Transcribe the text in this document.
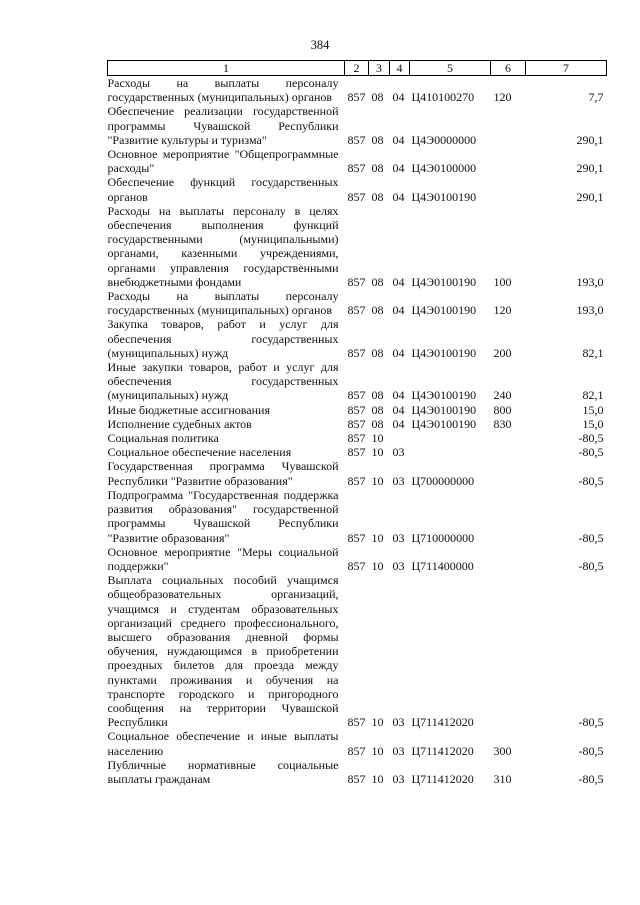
384
1	2	3	4	5	6	7
Расходы на выплаты персоналу государственных (муниципальных) органов	857	08	04	Ц410100270	120	7,7
Обеспечение реализации государственной программы Чувашской Республики "Развитие культуры и туризма"	857	08	04	Ц4Э0000000		290,1
Основное мероприятие "Общепрограммные расходы"	857	08	04	Ц4Э0100000		290,1
Обеспечение функций государственных органов	857	08	04	Ц4Э0100190		290,1
Расходы на выплаты персоналу в целях обеспечения выполнения функций государственными (муниципальными) органами, казенными учреждениями, органами управления государственными внебюджетными фондами	857	08	04	Ц4Э0100190	100	193,0
Расходы на выплаты персоналу государственных (муниципальных) органов	857	08	04	Ц4Э0100190	120	193,0
Закупка товаров, работ и услуг для обеспечения государственных (муниципальных) нужд	857	08	04	Ц4Э0100190	200	82,1
Иные закупки товаров, работ и услуг для обеспечения государственных (муниципальных) нужд	857	08	04	Ц4Э0100190	240	82,1
Иные бюджетные ассигнования	857	08	04	Ц4Э0100190	800	15,0
Исполнение судебных актов	857	08	04	Ц4Э0100190	830	15,0
Социальная политика	857	10				-80,5
Социальное обеспечение населения	857	10	03			-80,5
Государственная программа Чувашской Республики "Развитие образования"	857	10	03	Ц700000000		-80,5
Подпрограмма "Государственная поддержка развития образования" государственной программы Чувашской Республики "Развитие образования"	857	10	03	Ц710000000		-80,5
Основное мероприятие "Меры социальной поддержки"	857	10	03	Ц711400000		-80,5
Выплата социальных пособий учащимся общеобразовательных организаций, учащимся и студентам образовательных организаций среднего профессионального, высшего образования дневной формы обучения, нуждающимся в приобретении проездных билетов для проезда между пунктами проживания и обучения на транспорте городского и пригородного сообщения на территории Чувашской Республики	857	10	03	Ц711412020		-80,5
Социальное обеспечение и иные выплаты населению	857	10	03	Ц711412020	300	-80,5
Публичные нормативные социальные выплаты гражданам	857	10	03	Ц711412020	310	-80,5
